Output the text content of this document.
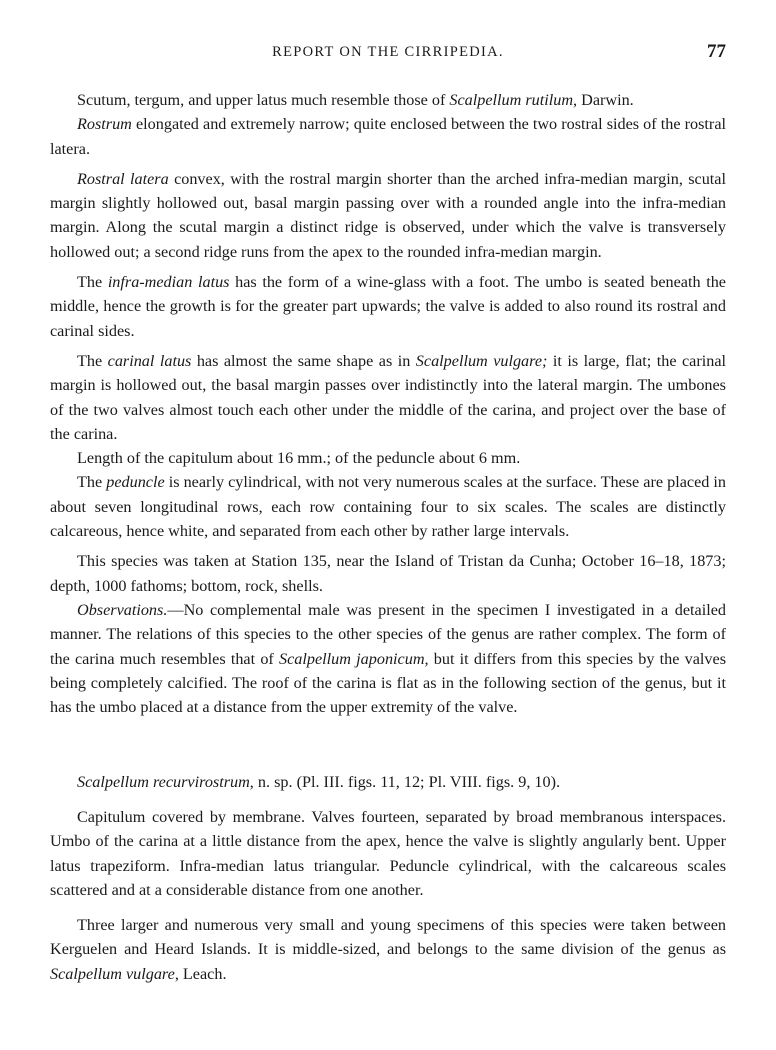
REPORT ON THE CIRRIPEDIA.	77

Scutum, tergum, and upper latus much resemble those of Scalpellum rutilum, Darwin.

Rostrum elongated and extremely narrow; quite enclosed between the two rostral sides of the rostral latera.

Rostral latera convex, with the rostral margin shorter than the arched infra-median margin, scutal margin slightly hollowed out, basal margin passing over with a rounded angle into the infra-median margin. Along the scutal margin a distinct ridge is observed, under which the valve is transversely hollowed out; a second ridge runs from the apex to the rounded infra-median margin.

The infra-median latus has the form of a wine-glass with a foot. The umbo is seated beneath the middle, hence the growth is for the greater part upwards; the valve is added to also round its rostral and carinal sides.

The carinal latus has almost the same shape as in Scalpellum vulgare; it is large, flat; the carinal margin is hollowed out, the basal margin passes over indistinctly into the lateral margin. The umbones of the two valves almost touch each other under the middle of the carina, and project over the base of the carina.

Length of the capitulum about 16 mm.; of the peduncle about 6 mm.

The peduncle is nearly cylindrical, with not very numerous scales at the surface. These are placed in about seven longitudinal rows, each row containing four to six scales. The scales are distinctly calcareous, hence white, and separated from each other by rather large intervals.

This species was taken at Station 135, near the Island of Tristan da Cunha; October 16–18, 1873; depth, 1000 fathoms; bottom, rock, shells.

Observations.—No complemental male was present in the specimen I investigated in a detailed manner. The relations of this species to the other species of the genus are rather complex. The form of the carina much resembles that of Scalpellum japonicum, but it differs from this species by the valves being completely calcified. The roof of the carina is flat as in the following section of the genus, but it has the umbo placed at a distance from the upper extremity of the valve.

Scalpellum recurvirostrum, n. sp. (Pl. III. figs. 11, 12; Pl. VIII. figs. 9, 10).

Capitulum covered by membrane. Valves fourteen, separated by broad membranous interspaces. Umbo of the carina at a little distance from the apex, hence the valve is slightly angularly bent. Upper latus trapeziform. Infra-median latus triangular. Peduncle cylindrical, with the calcareous scales scattered and at a considerable distance from one another.

Three larger and numerous very small and young specimens of this species were taken between Kerguelen and Heard Islands. It is middle-sized, and belongs to the same division of the genus as Scalpellum vulgare, Leach.
